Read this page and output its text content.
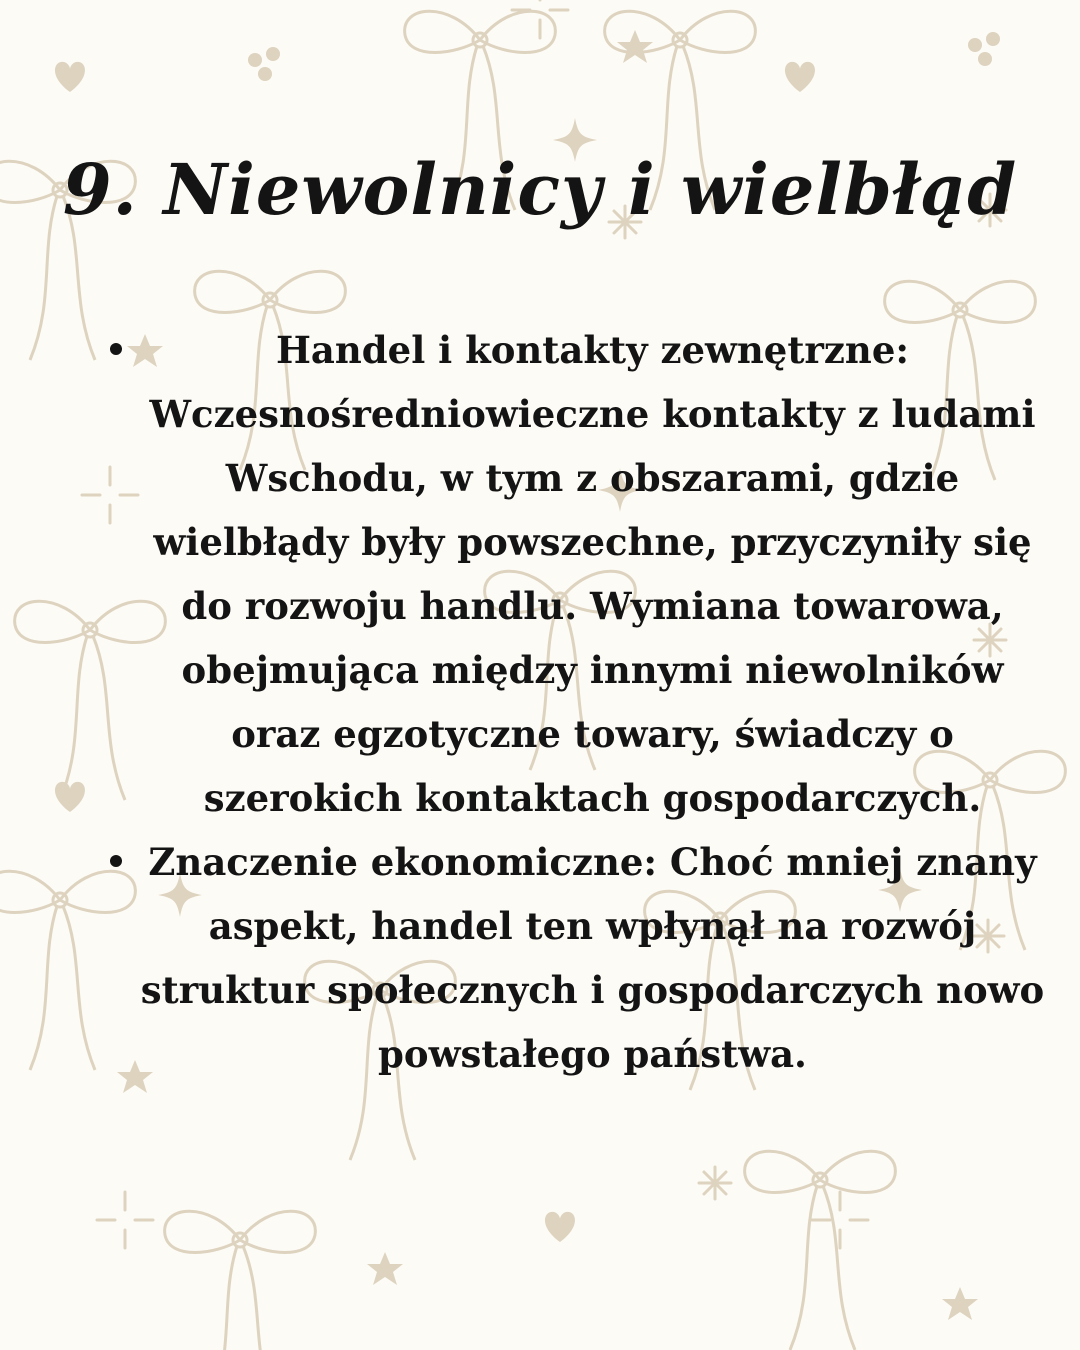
9. Niewolnicy i wielbłąd
Handel i kontakty zewnętrzne: Wczesnośredniowieczne kontakty z ludami Wschodu, w tym z obszarami, gdzie wielbłądy były powszechne, przyczyniły się do rozwoju handlu. Wymiana towarowa, obejmująca między innymi niewolników oraz egzotyczne towary, świadczy o szerokich kontaktach gospodarczych.
Znaczenie ekonomiczne: Choć mniej znany aspekt, handel ten wpłynął na rozwój struktur społecznych i gospodarczych nowo powstałego państwa.
